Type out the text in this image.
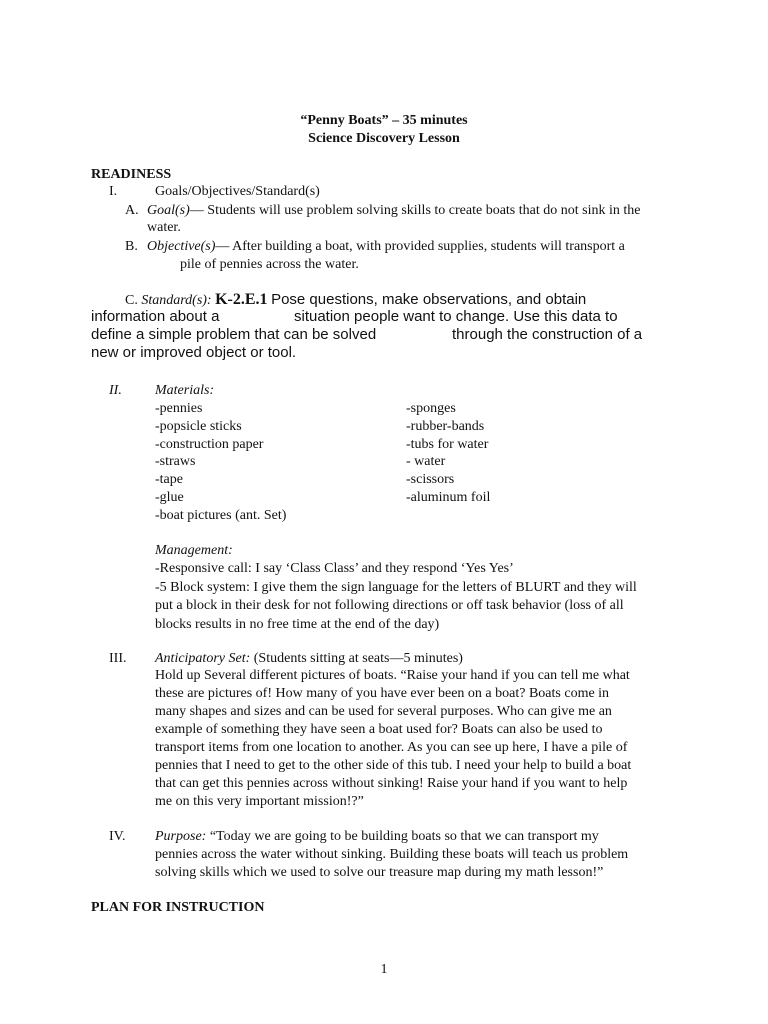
“Penny Boats” – 35 minutes
Science Discovery Lesson
READINESS
I.	Goals/Objectives/Standard(s)
A. Goal(s)— Students will use problem solving skills to create boats that do not sink in the
water.
B. Objective(s)— After building a boat, with provided supplies, students will transport a
pile of pennies across the water.
C. Standard(s): K-2.E.1 Pose questions, make observations, and obtain
information about a	situation people want to change. Use this data to
define a simple problem that can be solved	through the construction of a
new or improved object or tool.
II. Materials:
-pennies
-popsicle sticks
-construction paper
-straws
-tape
-glue
-boat pictures (ant. Set)
-sponges
-rubber-bands
-tubs for water
- water
-scissors
-aluminum foil
Management:
-Responsive call: I say ‘Class Class’ and they respond ‘Yes Yes’
-5 Block system: I give them the sign language for the letters of BLURT and they will
put a block in their desk for not following directions or off task behavior (loss of all
blocks results in no free time at the end of the day)
III. Anticipatory Set: (Students sitting at seats—5 minutes)
Hold up Several different pictures of boats. “Raise your hand if you can tell me what
these are pictures of! How many of you have ever been on a boat? Boats come in
many shapes and sizes and can be used for several purposes. Who can give me an
example of something they have seen a boat used for? Boats can also be used to
transport items from one location to another. As you can see up here, I have a pile of
pennies that I need to get to the other side of this tub. I need your help to build a boat
that can get this pennies across without sinking! Raise your hand if you want to help
me on this very important mission!?”
IV. Purpose: “Today we are going to be building boats so that we can transport my
pennies across the water without sinking. Building these boats will teach us problem
solving skills which we used to solve our treasure map during my math lesson!”
PLAN FOR INSTRUCTION
1
